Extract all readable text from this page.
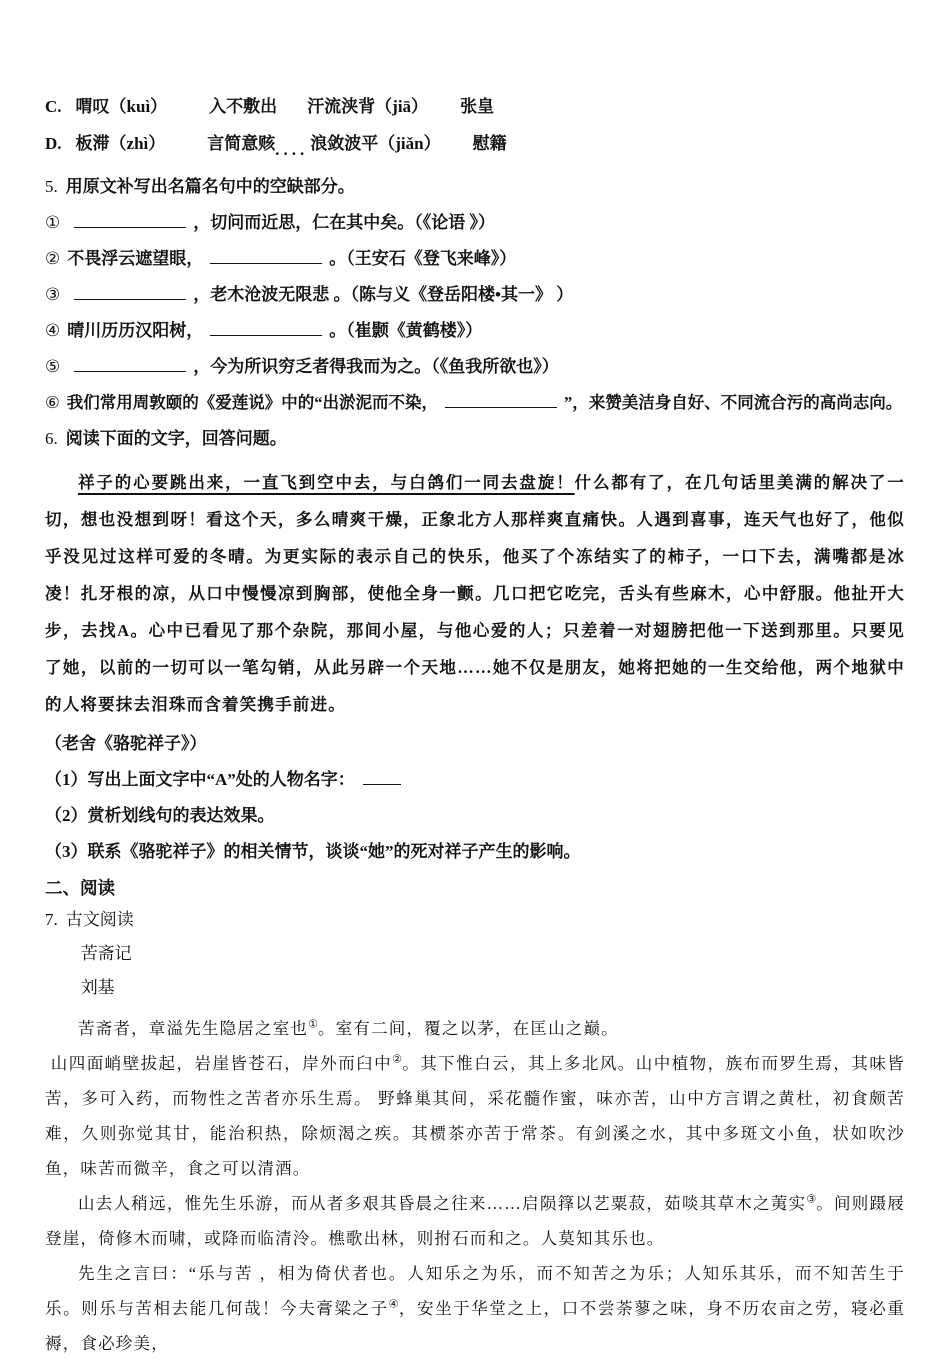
C. 喟叹（kuì） 入不敷出 汗流浃背（jiā） 张皇
D. 板滞（zhì） 言简意赅.... 浪敛波平（jiǎn） 慰籍
5. 用原文补写出名篇名句中的空缺部分。
①	，切问而近思，仁在其中矣。（《论语 》）
② 不畏浮云遮望眼，	。（王安石《登飞来峰》）
③	，老木沧波无限悲 。（陈与义《登岳阳楼•其一》 ）
④ 晴川历历汉阳树，	。（崔颢《黄鹤楼》）
⑤	，今为所识穷乏者得我而为之。（《鱼我所欲也》）
⑥ 我们常用周敦颐的《爱莲说》中的“出淤泥而不染，	”，来赞美洁身自好、不同流合污的高尚志向。
6. 阅读下面的文字，回答问题。

祥子的心要跳出来，一直飞到空中去，与白鸽们一同去盘旋！什么都有了，在几句话里美满的解决了一切，想也没想到呀！看这个天，多么晴爽干燥，正象北方人那样爽直痛快。人遇到喜事，连天气也好了，他似乎没见过这样可爱的冬晴。为更实际的表示自己的快乐，他买了个冻结实了的柿子，一口下去，满嘴都是冰凌！扎牙根的凉，从口中慢慢凉到胸部，使他全身一颤。几口把它吃完，舌头有些麻木，心中舒服。他扯开大步，去找A。心中已看见了那个杂院，那间小屋，与他心爱的人；只差着一对翅膀把他一下送到那里。只要见了她，以前的一切可以一笔勾销，从此另辟一个天地……她不仅是朋友，她将把她的一生交给他，两个地狱中的人将要抹去泪珠而含着笑携手前进。

（老舍《骆驼祥子》）
（1）写出上面文字中“A”处的人物名字：
（2）赏析划线句的表达效果。
（3）联系《骆驼祥子》的相关情节，谈谈“她”的死对祥子产生的影响。
二、阅读
7. 古文阅读
苦斋记
刘基

苦斋者，章溢先生隐居之室也①。室有二间，覆之以茅，在匡山之巅。

山四面峭壁拔起，岩崖皆苍石，岸外而臼中②。其下惟白云，其上多北风。山中植物，族布而罗生焉，其味皆苦，多可入药，而物性之苦者亦乐生焉。 野蜂巢其间，采花髓作蜜，味亦苦，山中方言谓之黄杜，初食颇苦难，久则弥觉其甘，能治积热，除烦渴之疾。其槚茶亦苦于常茶。有剑溪之水，其中多斑文小鱼，状如吹沙鱼，味苦而微辛，食之可以清酒。

山去人稍远，惟先生乐游，而从者多艰其昏晨之往来……启陨箨以艺粟菽，茹啖其草木之荑实③。间则蹑屐登崖，倚修木而啸，或降而临清泠。樵歌出林，则拊石而和之。人莫知其乐也。

先生之言曰：“乐与苦 ，相为倚伏者也。人知乐之为乐，而不知苦之为乐；人知乐其乐，而不知苦生于乐。则乐与苦相去能几何哉！今夫膏粱之子④，安坐于华堂之上，口不尝荼蓼之味，身不历农亩之劳，寝必重褥，食必珍美，
